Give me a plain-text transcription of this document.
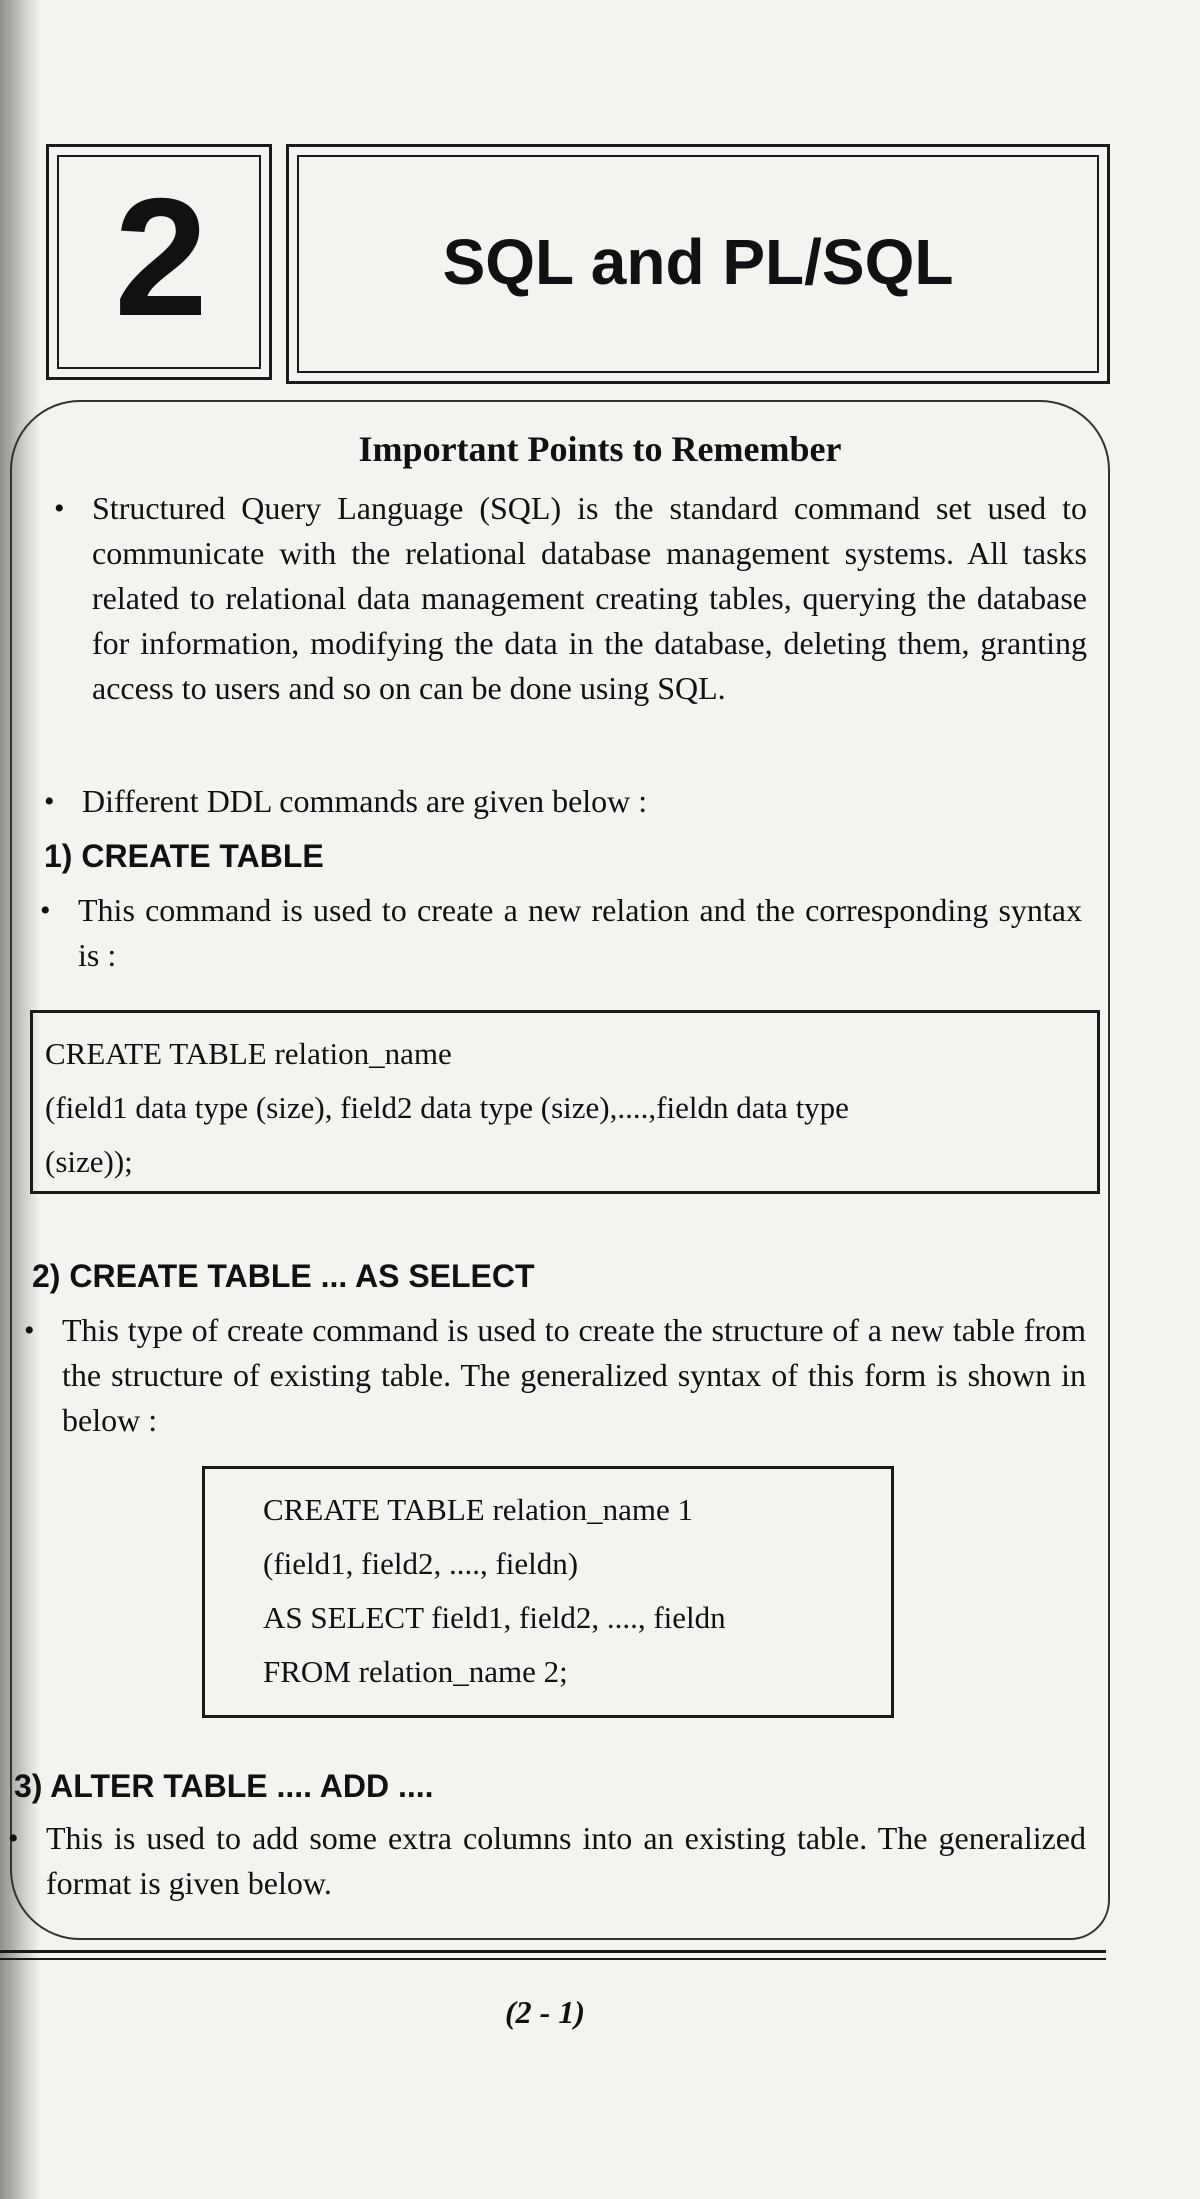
2	SQL and PL/SQL
Important Points to Remember
• Structured Query Language (SQL) is the standard command set used to communicate with the relational database management systems. All tasks related to relational data management creating tables, querying the database for information, modifying the data in the database, deleting them, granting access to users and so on can be done using SQL.
• Different DDL commands are given below :
1) CREATE TABLE
• This command is used to create a new relation and the corresponding syntax is :
CREATE TABLE relation_name
(field1 data type (size), field2 data type (size),....,fieldn data type
(size));
2) CREATE TABLE ... AS SELECT
• This type of create command is used to create the structure of a new table from the structure of existing table. The generalized syntax of this form is shown in below :
CREATE TABLE relation_name 1
(field1, field2, ...., fieldn)
AS SELECT field1, field2, ...., fieldn
FROM relation_name 2;
3) ALTER TABLE .... ADD ....
• This is used to add some extra columns into an existing table. The generalized format is given below.
(2 - 1)
